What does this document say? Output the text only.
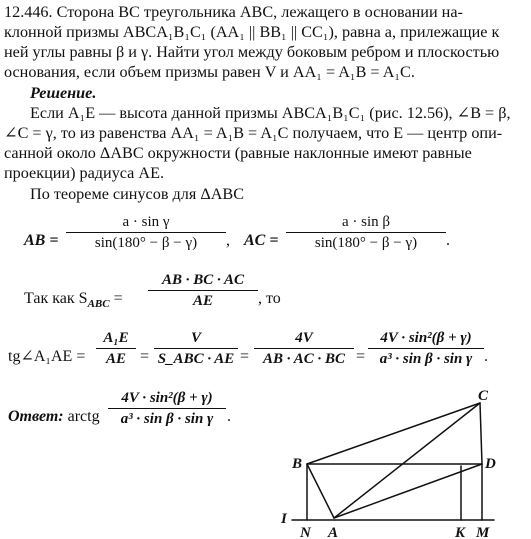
12.446. Сторона BC треугольника ABC, лежащего в основании на-
клонной призмы ABCA₁B₁C₁ (AA₁ || BB₁ || CC₁), равна a, прилежащие к
ней углы равны β и γ. Найти угол между боковым ребром и плоскостью
основания, если объем призмы равен V и AA₁ = A₁B = A₁C.
Решение.
Если A₁E — высота данной призмы ABCA₁B₁C₁ (рис. 12.56), ∠B = β,
∠C = γ, то из равенства AA₁ = A₁B = A₁C получаем, что E — центр опи-
санной около ΔABC окружности (равные наклонные имеют равные
проекции) радиуса AE.
По теореме синусов для ΔABC
AB = $\frac{\text{a · sin γ}}{\sin(180^\circ - \beta - \gamma)}$ , AC = $\frac{\text{a · sin β}}{\sin(180^\circ - \beta - \gamma)}$ .
Так как $S_{ABC} = \frac{AB \cdot BC \cdot AC}{AE}$ , то
tg∠A₁AE = $\frac{\text{A₁E}}{AE}$ =
V
S_ABC · AE = $\frac{4V}{AB \cdot AC \cdot BC} = \frac{\text{4V · sin²(β + γ)}}{\text{a³ · sin β · sin γ}}$ .
Ответ: arctg $\frac{\text{4V · sin²(β + γ)}}{\text{a³ · sin β · sin γ}}$ .
C
B	D
I
N A	K M
